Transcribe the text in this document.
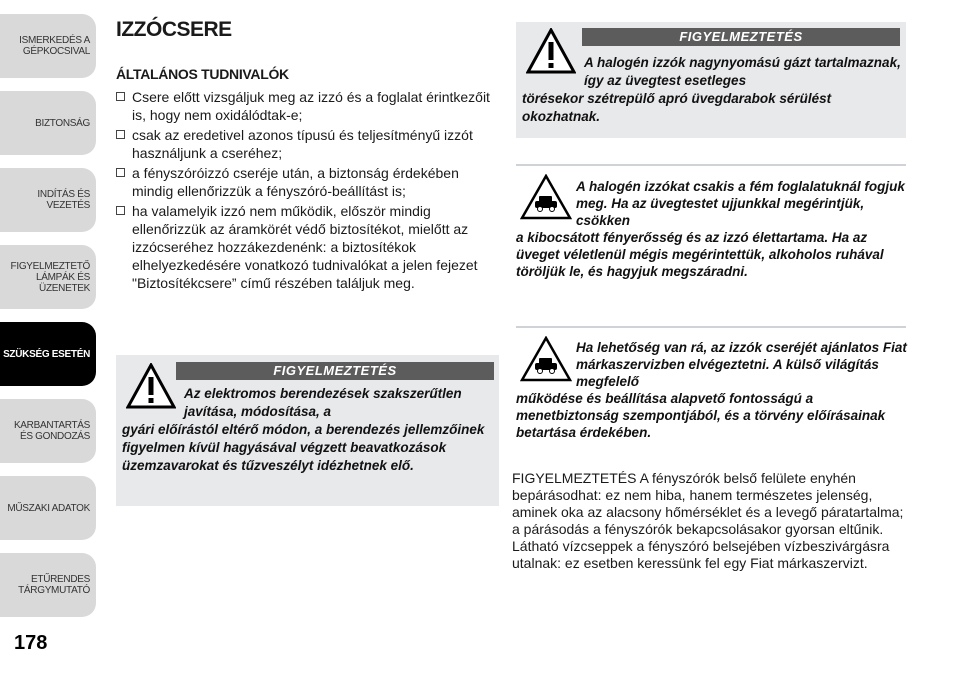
ISMERKEDÉS A GÉPKOCSIVAL
BIZTONSÁG
INDÍTÁS ÉS VEZETÉS
FIGYELMEZTETŐ LÁMPÁK ÉS ÜZENETEK
SZÜKSÉG ESETÉN
KARBANTARTÁS ÉS GONDOZÁS
MŰSZAKI ADATOK
ETŰRENDES TÁRGYMUTATÓ
178
IZZÓCSERE
ÁLTALÁNOS TUDNIVALÓK
Csere előtt vizsgáljuk meg az izzó és a foglalat érintkezőit is, hogy nem oxidálódtak-e;
csak az eredetivel azonos típusú és teljesítményű izzót használjunk a cseréhez;
a fényszóróizzó cseréje után, a biztonság érdekében mindig ellenőrizzük a fényszóró-beállítást is;
ha valamelyik izzó nem működik, először mindig ellenőrizzük az áramkörét védő biztosítékot, mielőtt az izzócseréhez hozzákezdenénk: a biztosítékok elhelyezkedésére vonatkozó tudnivalókat a jelen fejezet "Biztosítékcsere” című részében találjuk meg.
FIGYELMEZTETÉS
Az elektromos berendezések szakszerűtlen javítása, módosítása, a
gyári előírástól eltérő módon, a berendezés jellemzőinek figyelmen kívül hagyásával végzett beavatkozások üzemzavarokat és tűzveszélyt idézhetnek elő.
FIGYELMEZTETÉS
A halogén izzók nagynyomású gázt tartalmaznak, így az üvegtest esetleges
törésekor szétrepülő apró üvegdarabok sérülést okozhatnak.
A halogén izzókat csakis a fém foglalatuknál fogjuk meg. Ha az üvegtestet ujjunkkal megérintjük, csökken
a kibocsátott fényerősség és az izzó élettartama. Ha az üveget véletlenül mégis megérintettük, alkoholos ruhával töröljük le, és hagyjuk megszáradni.
Ha lehetőség van rá, az izzók cseréjét ajánlatos Fiat márkaszervizben elvégeztetni. A külső világítás megfelelő
működése és beállítása alapvető fontosságú a menetbiztonság szempontjából, és a törvény előírásainak betartása érdekében.
FIGYELMEZTETÉS A fényszórók belső felülete enyhén bepárásodhat: ez nem hiba, hanem természetes jelenség, aminek oka az alacsony hőmérséklet és a levegő páratartalma; a párásodás a fényszórók bekapcsolásakor gyorsan eltűnik. Látható vízcseppek a fényszóró belsejében vízbeszivárgásra utalnak: ez esetben keressünk fel egy Fiat márkaszervizt.
